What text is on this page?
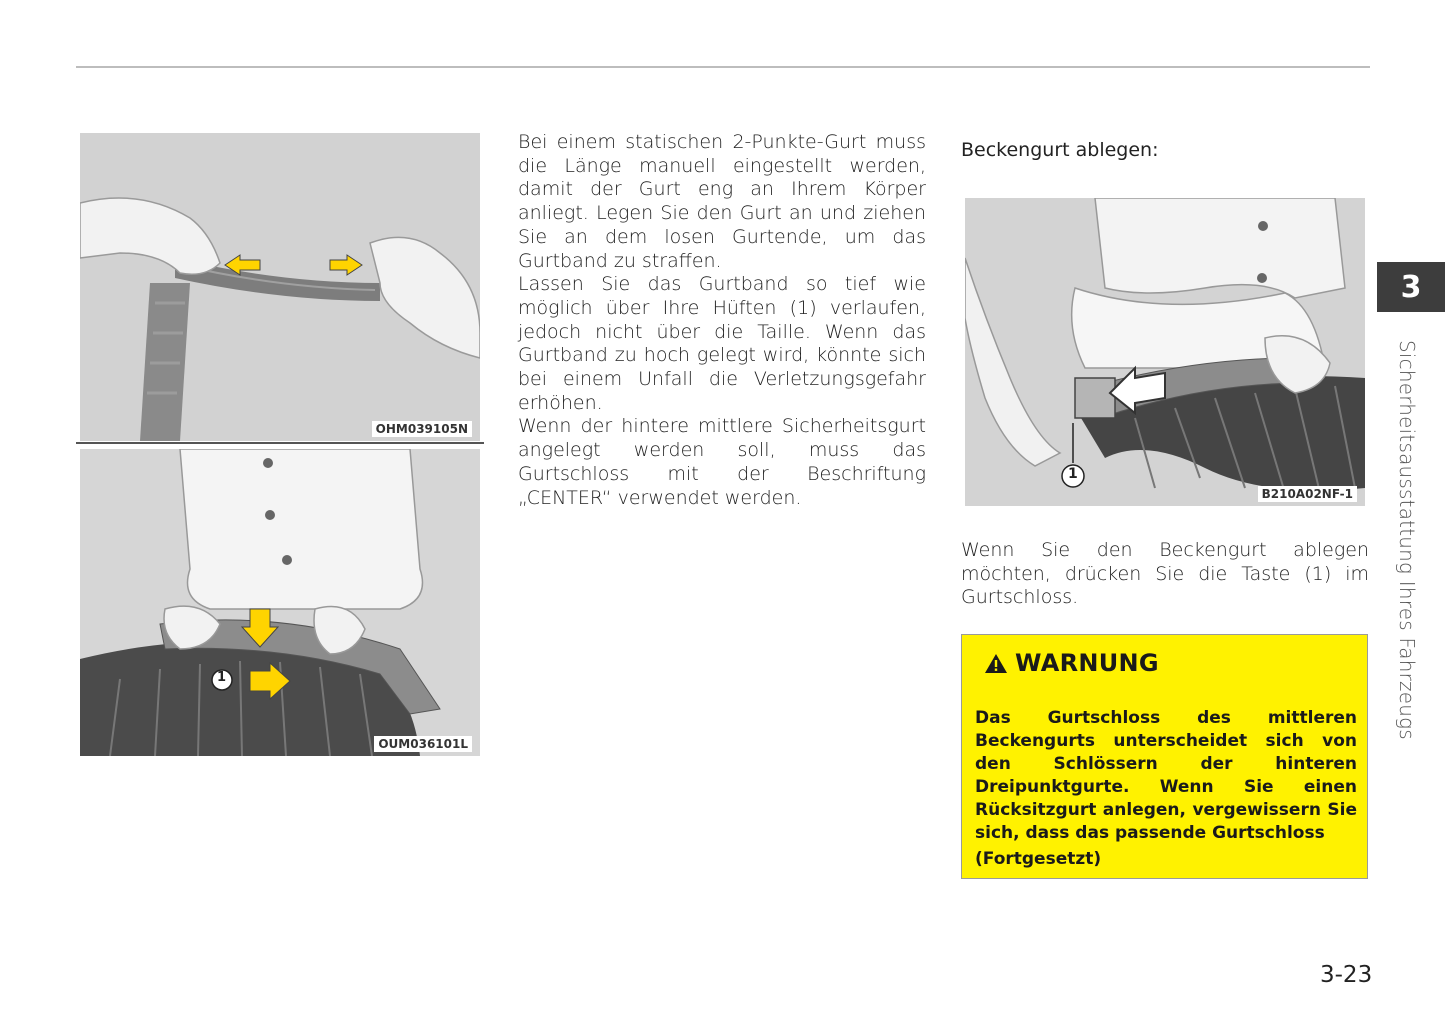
OHM039105N
1
OUM036101L

Bei einem statischen 2-Punkte-Gurt muss die Länge manuell eingestellt werden, damit der Gurt eng an Ihrem Körper anliegt. Legen Sie den Gurt an und ziehen Sie an dem losen Gurtende, um das Gurtband zu straffen.

Lassen Sie das Gurtband so tief wie möglich über Ihre Hüften (1) verlaufen, jedoch nicht über die Taille. Wenn das Gurtband zu hoch gelegt wird, könnte sich bei einem Unfall die Verletzungsgefahr erhöhen.

Wenn der hintere mittlere Sicherheitsgurt angelegt werden soll, muss das Gurtschloss mit der Beschriftung „CENTER“ verwendet werden.

Beckengurt ablegen:
1
B210A02NF-1
Wenn Sie den Beckengurt ablegen möchten, drücken Sie die Taste (1) im Gurtschloss.
WARNUNG
Das Gurtschloss des mittleren Beckengurts unterscheidet sich von den Schlössern der hinteren Dreipunktgurte. Wenn Sie einen Rücksitzgurt anlegen, vergewissern Sie sich, dass das passende Gurtschloss
(Fortgesetzt)
3
Sicherheitsausstattung Ihres Fahrzeugs
3-23
